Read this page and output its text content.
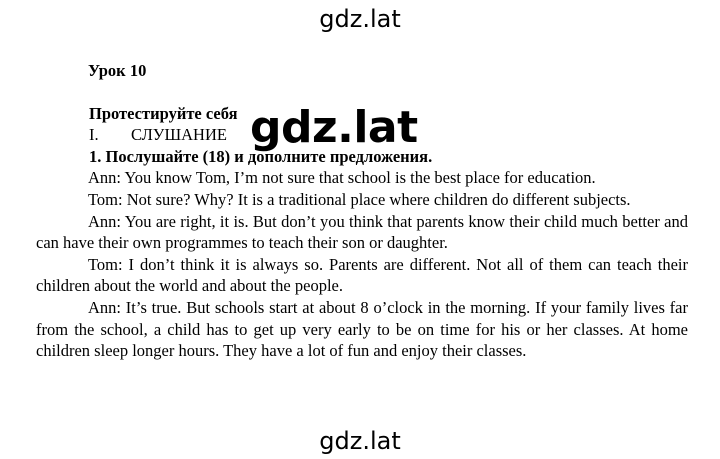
gdz.lat

Урок 10

Протестируйте себя

I. СЛУШАНИЕ

1. Послушайте (18) и дополните предложения.

Ann: You know Tom, I’m not sure that school is the best place for education.

Tom: Not sure? Why? It is a traditional place where children do different subjects.

Ann: You are right, it is. But don’t you think that parents know their child much better and can have their own programmes to teach their son or daughter.

Tom: I don’t think it is always so. Parents are different. Not all of them can teach their children about the world and about the people.

Ann: It’s true. But schools start at about 8 o’clock in the morning. If your family lives far from the school, a child has to get up very early to be on time for his or her classes. At home children sleep longer hours. They have a lot of fun and enjoy their classes.

gdz.lat
gdz.lat
